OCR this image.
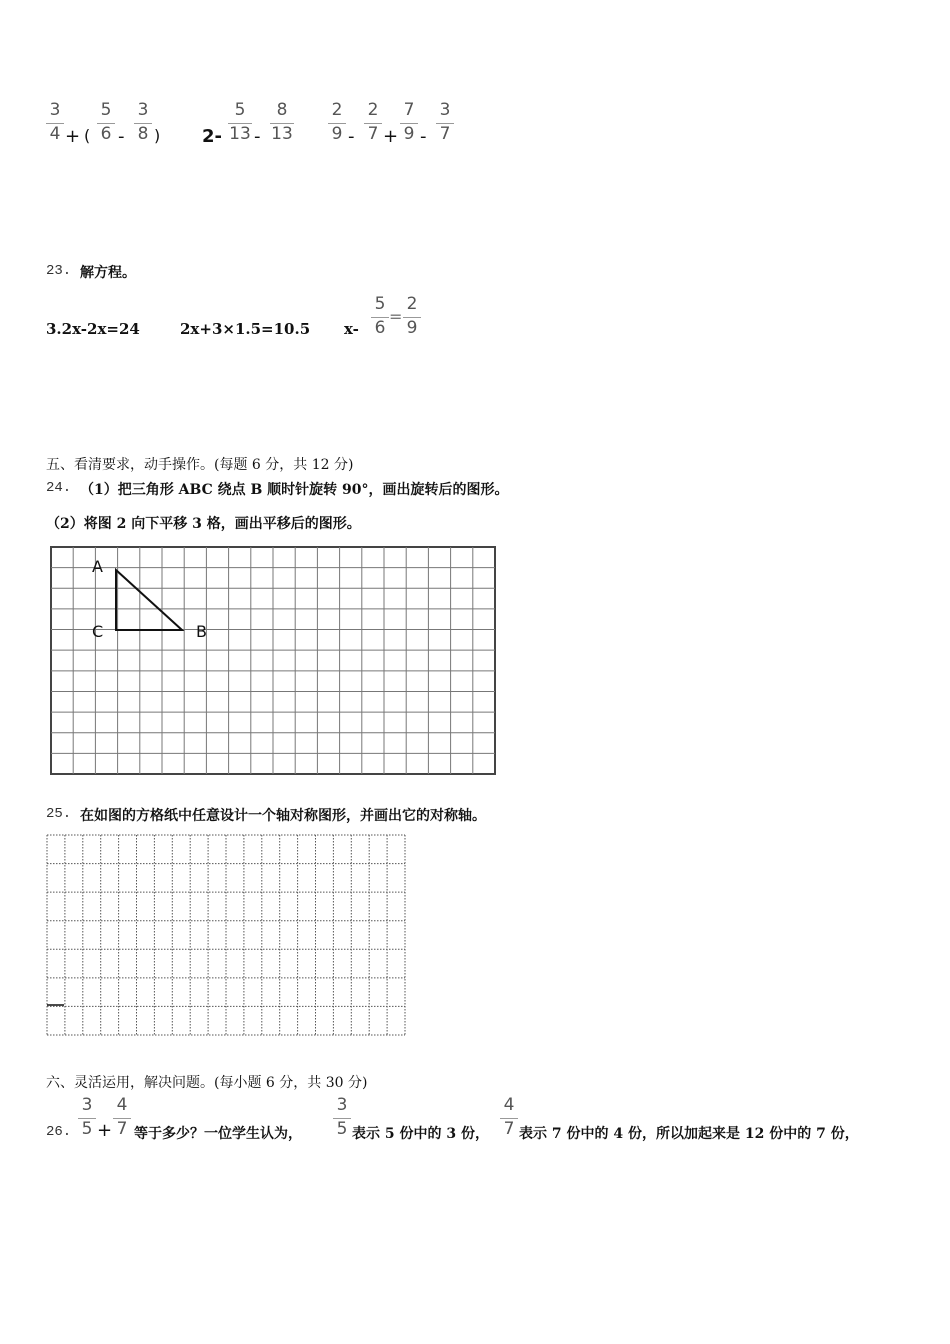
3
4 + (
5
6 -
3
8 ) 2-
5
13 -
8
13
2
9 -
2
7 +
7
9 -
3
7
23. 解方程。
3.2x-2x=24	2x+3×1.5=10.5 x-
5
6
=
2
9
五、看清要求，动手操作。(每题 6 分，共 12 分)
24. （1）把三角形 ABC 绕点 B 顺时针旋转 90°，画出旋转后的图形。
（2）将图 2 向下平移 3 格，画出平移后的图形。
A
C	B
25. 在如图的方格纸中任意设计一个轴对称图形，并画出它的对称轴。
六、灵活运用，解决问题。(每小题 6 分，共 30 分)
26.
3
5 +
4
7 等于多少？一位学生认为，
3
5 表示 5 份中的 3 份，
4
7 表示 7 份中的 4 份，所以加起来是 12 份中的 7 份，
